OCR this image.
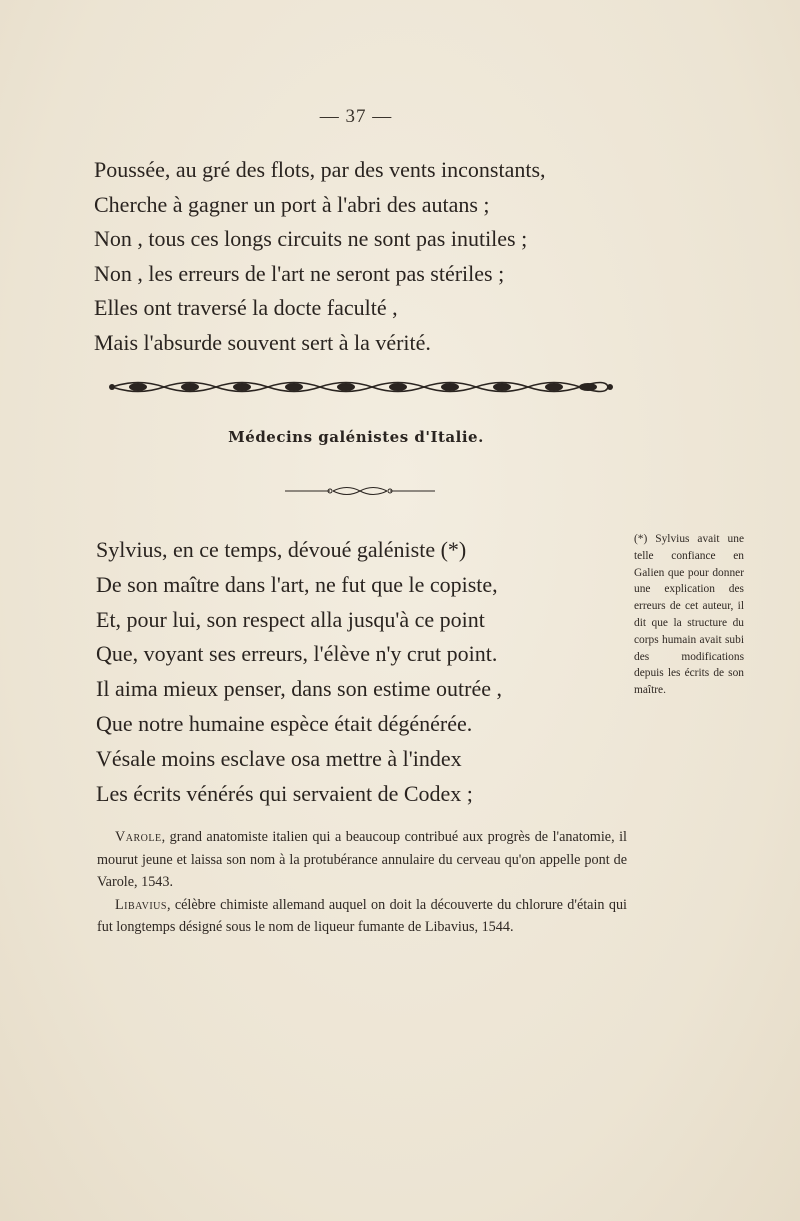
— 37 —
Poussée, au gré des flots, par des vents inconstants,
Cherche à gagner un port à l'abri des autans ;
Non , tous ces longs circuits ne sont pas inutiles ;
Non , les erreurs de l'art ne seront pas stériles ;
Elles ont traversé la docte faculté ,
Mais l'absurde souvent sert à la vérité.
Médecins galénistes d'Italie.
Sylvius, en ce temps, dévoué galéniste (*)
De son maître dans l'art, ne fut que le copiste,
Et, pour lui, son respect alla jusqu'à ce point
Que, voyant ses erreurs, l'élève n'y crut point.
Il aima mieux penser, dans son estime outrée ,
Que notre humaine espèce était dégénérée.
Vésale moins esclave osa mettre à l'index
Les écrits vénérés qui servaient de Codex ;
(*) Sylvius avait une telle confiance en Galien que pour donner une explication des erreurs de cet auteur, il dit que la structure du corps humain avait subi des modifications depuis les écrits de son maître.

Varole, grand anatomiste italien qui a beaucoup contribué aux progrès de l'anatomie, il mourut jeune et laissa son nom à la protubérance annulaire du cerveau qu'on appelle pont de Varole, 1543.

Libavius, célèbre chimiste allemand auquel on doit la découverte du chlorure d'étain qui fut longtemps désigné sous le nom de liqueur fumante de Libavius, 1544.
